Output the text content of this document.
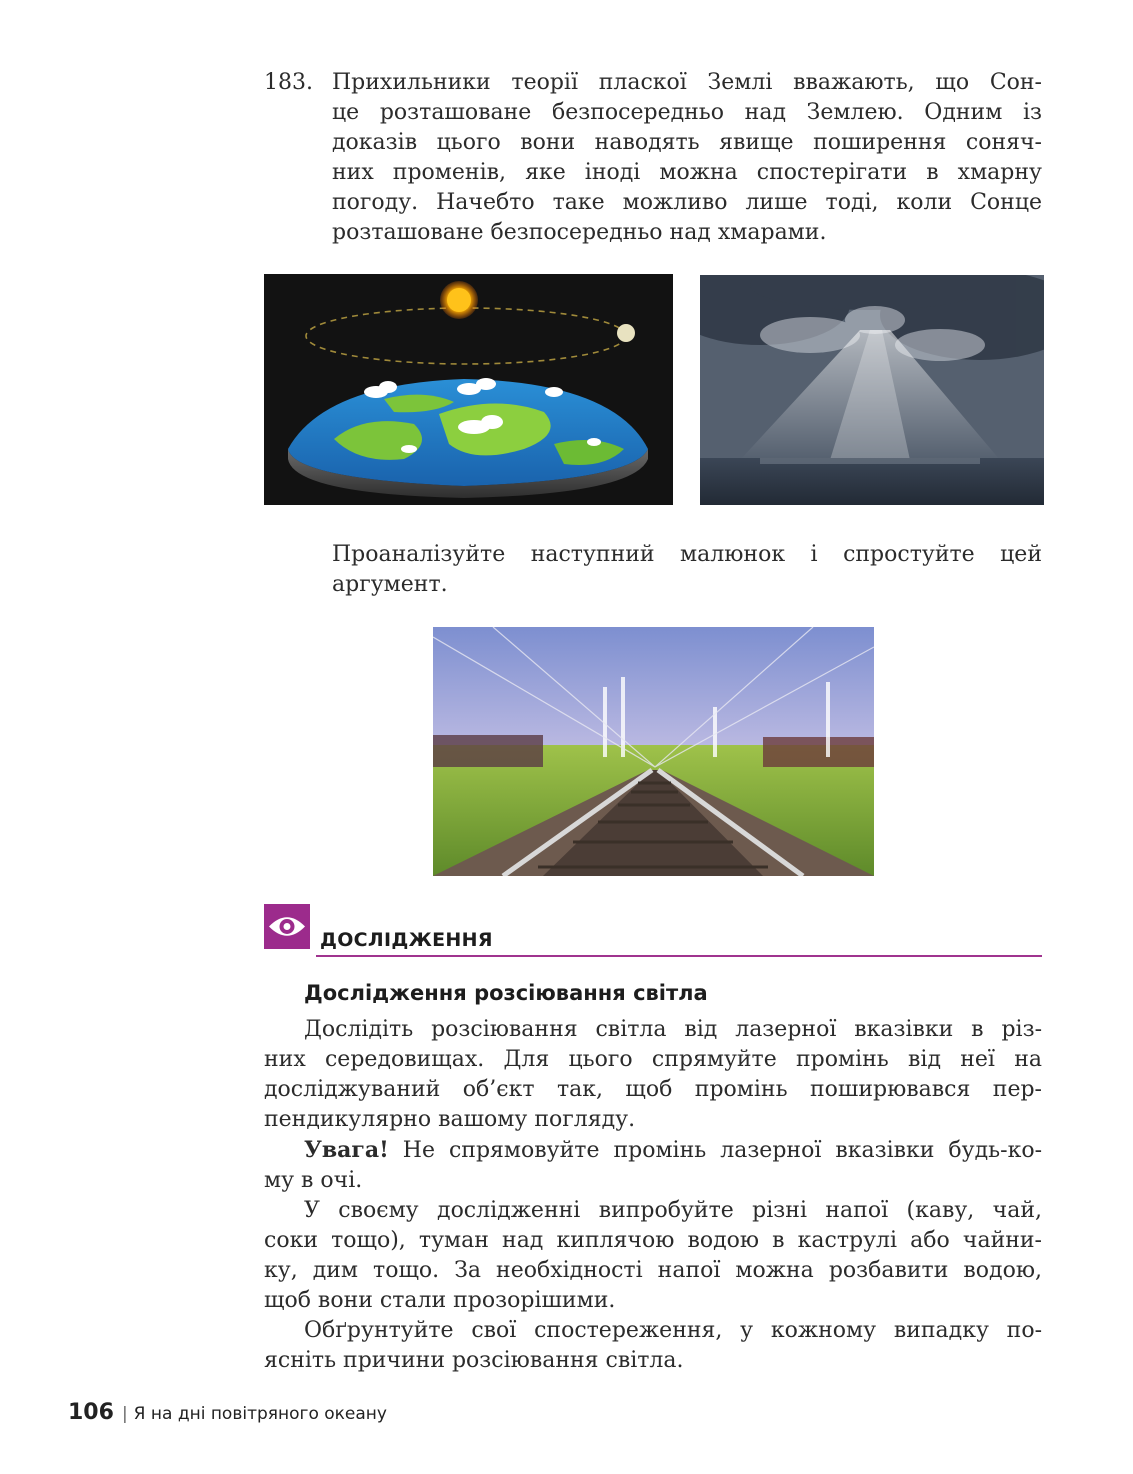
183. Прихильники теорії пласкої Землі вважають, що Сон-
це розташоване безпосередньо над Землею. Одним із
доказів цього вони наводять явище поширення соняч-
них променів, яке іноді можна спостерігати в хмарну
погоду. Начебто таке можливо лише тоді, коли Сонце
розташоване безпосередньо над хмарами.
Проаналізуйте наступний малюнок і спростуйте цей
аргумент.
ДОСЛІДЖЕННЯ
Дослідження розсіювання світла
Дослідіть розсіювання світла від лазерної вказівки в різ-
них середовищах. Для цього спрямуйте промінь від неї на
досліджуваний об’єкт так, щоб промінь поширювався пер-
пендикулярно вашому погляду.
Увага! Не спрямовуйте промінь лазерної вказівки будь-ко-
му в очі.
У своєму дослідженні випробуйте різні напої (каву, чай,
соки тощо), туман над киплячою водою в каструлі або чайни-
ку, дим тощо. За необхідності напої можна розбавити водою,
щоб вони стали прозорішими.
Обґрунтуйте свої спостереження, у кожному випадку по-
ясніть причини розсіювання світла.
106 | Я на дні повітряного океану
